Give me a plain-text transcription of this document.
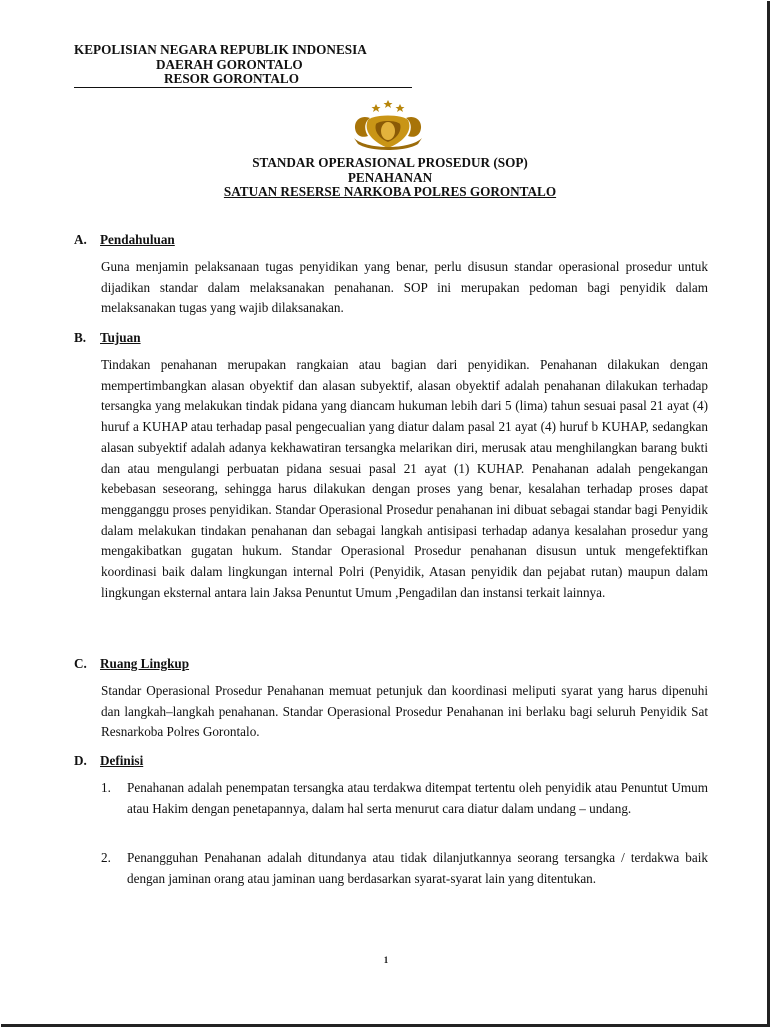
KEPOLISIAN NEGARA REPUBLIK INDONESIA
DAERAH GORONTALO
RESOR GORONTALO
STANDAR OPERASIONAL PROSEDUR (SOP)
PENAHANAN
SATUAN RESERSE NARKOBA POLRES GORONTALO
A. Pendahuluan
Guna menjamin pelaksanaan tugas penyidikan yang benar, perlu disusun standar operasional prosedur untuk dijadikan standar dalam melaksanakan penahanan. SOP ini merupakan pedoman bagi penyidik dalam melaksanakan tugas yang wajib dilaksanakan.
B. Tujuan
Tindakan penahanan merupakan rangkaian atau bagian dari penyidikan. Penahanan dilakukan dengan mempertimbangkan alasan obyektif dan alasan subyektif, alasan obyektif adalah penahanan dilakukan terhadap tersangka yang melakukan tindak pidana yang diancam hukuman lebih dari 5 (lima) tahun sesuai pasal 21 ayat (4) huruf a KUHAP atau terhadap pasal pengecualian yang diatur dalam pasal 21 ayat (4) huruf b KUHAP, sedangkan alasan subyektif adalah adanya kekhawatiran tersangka melarikan diri, merusak atau menghilangkan barang bukti dan atau mengulangi perbuatan pidana sesuai pasal 21 ayat (1) KUHAP. Penahanan adalah pengekangan kebebasan seseorang, sehingga harus dilakukan dengan proses yang benar, kesalahan terhadap proses dapat mengganggu proses penyidikan. Standar Operasional Prosedur penahanan ini dibuat sebagai standar bagi Penyidik dalam melakukan tindakan penahanan dan sebagai langkah antisipasi terhadap adanya kesalahan prosedur yang mengakibatkan gugatan hukum. Standar Operasional Prosedur penahanan disusun untuk mengefektifkan koordinasi baik dalam lingkungan internal Polri (Penyidik, Atasan penyidik dan pejabat rutan) maupun dalam lingkungan eksternal antara lain Jaksa Penuntut Umum ,Pengadilan dan instansi terkait lainnya.
C. Ruang Lingkup
Standar Operasional Prosedur Penahanan memuat petunjuk dan koordinasi meliputi syarat yang harus dipenuhi dan langkah–langkah penahanan. Standar Operasional Prosedur Penahanan ini berlaku bagi seluruh Penyidik Sat Resnarkoba Polres Gorontalo.
D. Definisi
1.	Penahanan adalah penempatan tersangka atau terdakwa ditempat tertentu oleh penyidik atau Penuntut Umum atau Hakim dengan penetapannya, dalam hal serta menurut cara diatur dalam undang – undang.
2.	Penangguhan Penahanan adalah ditundanya atau tidak dilanjutkannya seorang tersangka / terdakwa baik dengan jaminan orang atau jaminan uang berdasarkan syarat-syarat lain yang ditentukan.
1
